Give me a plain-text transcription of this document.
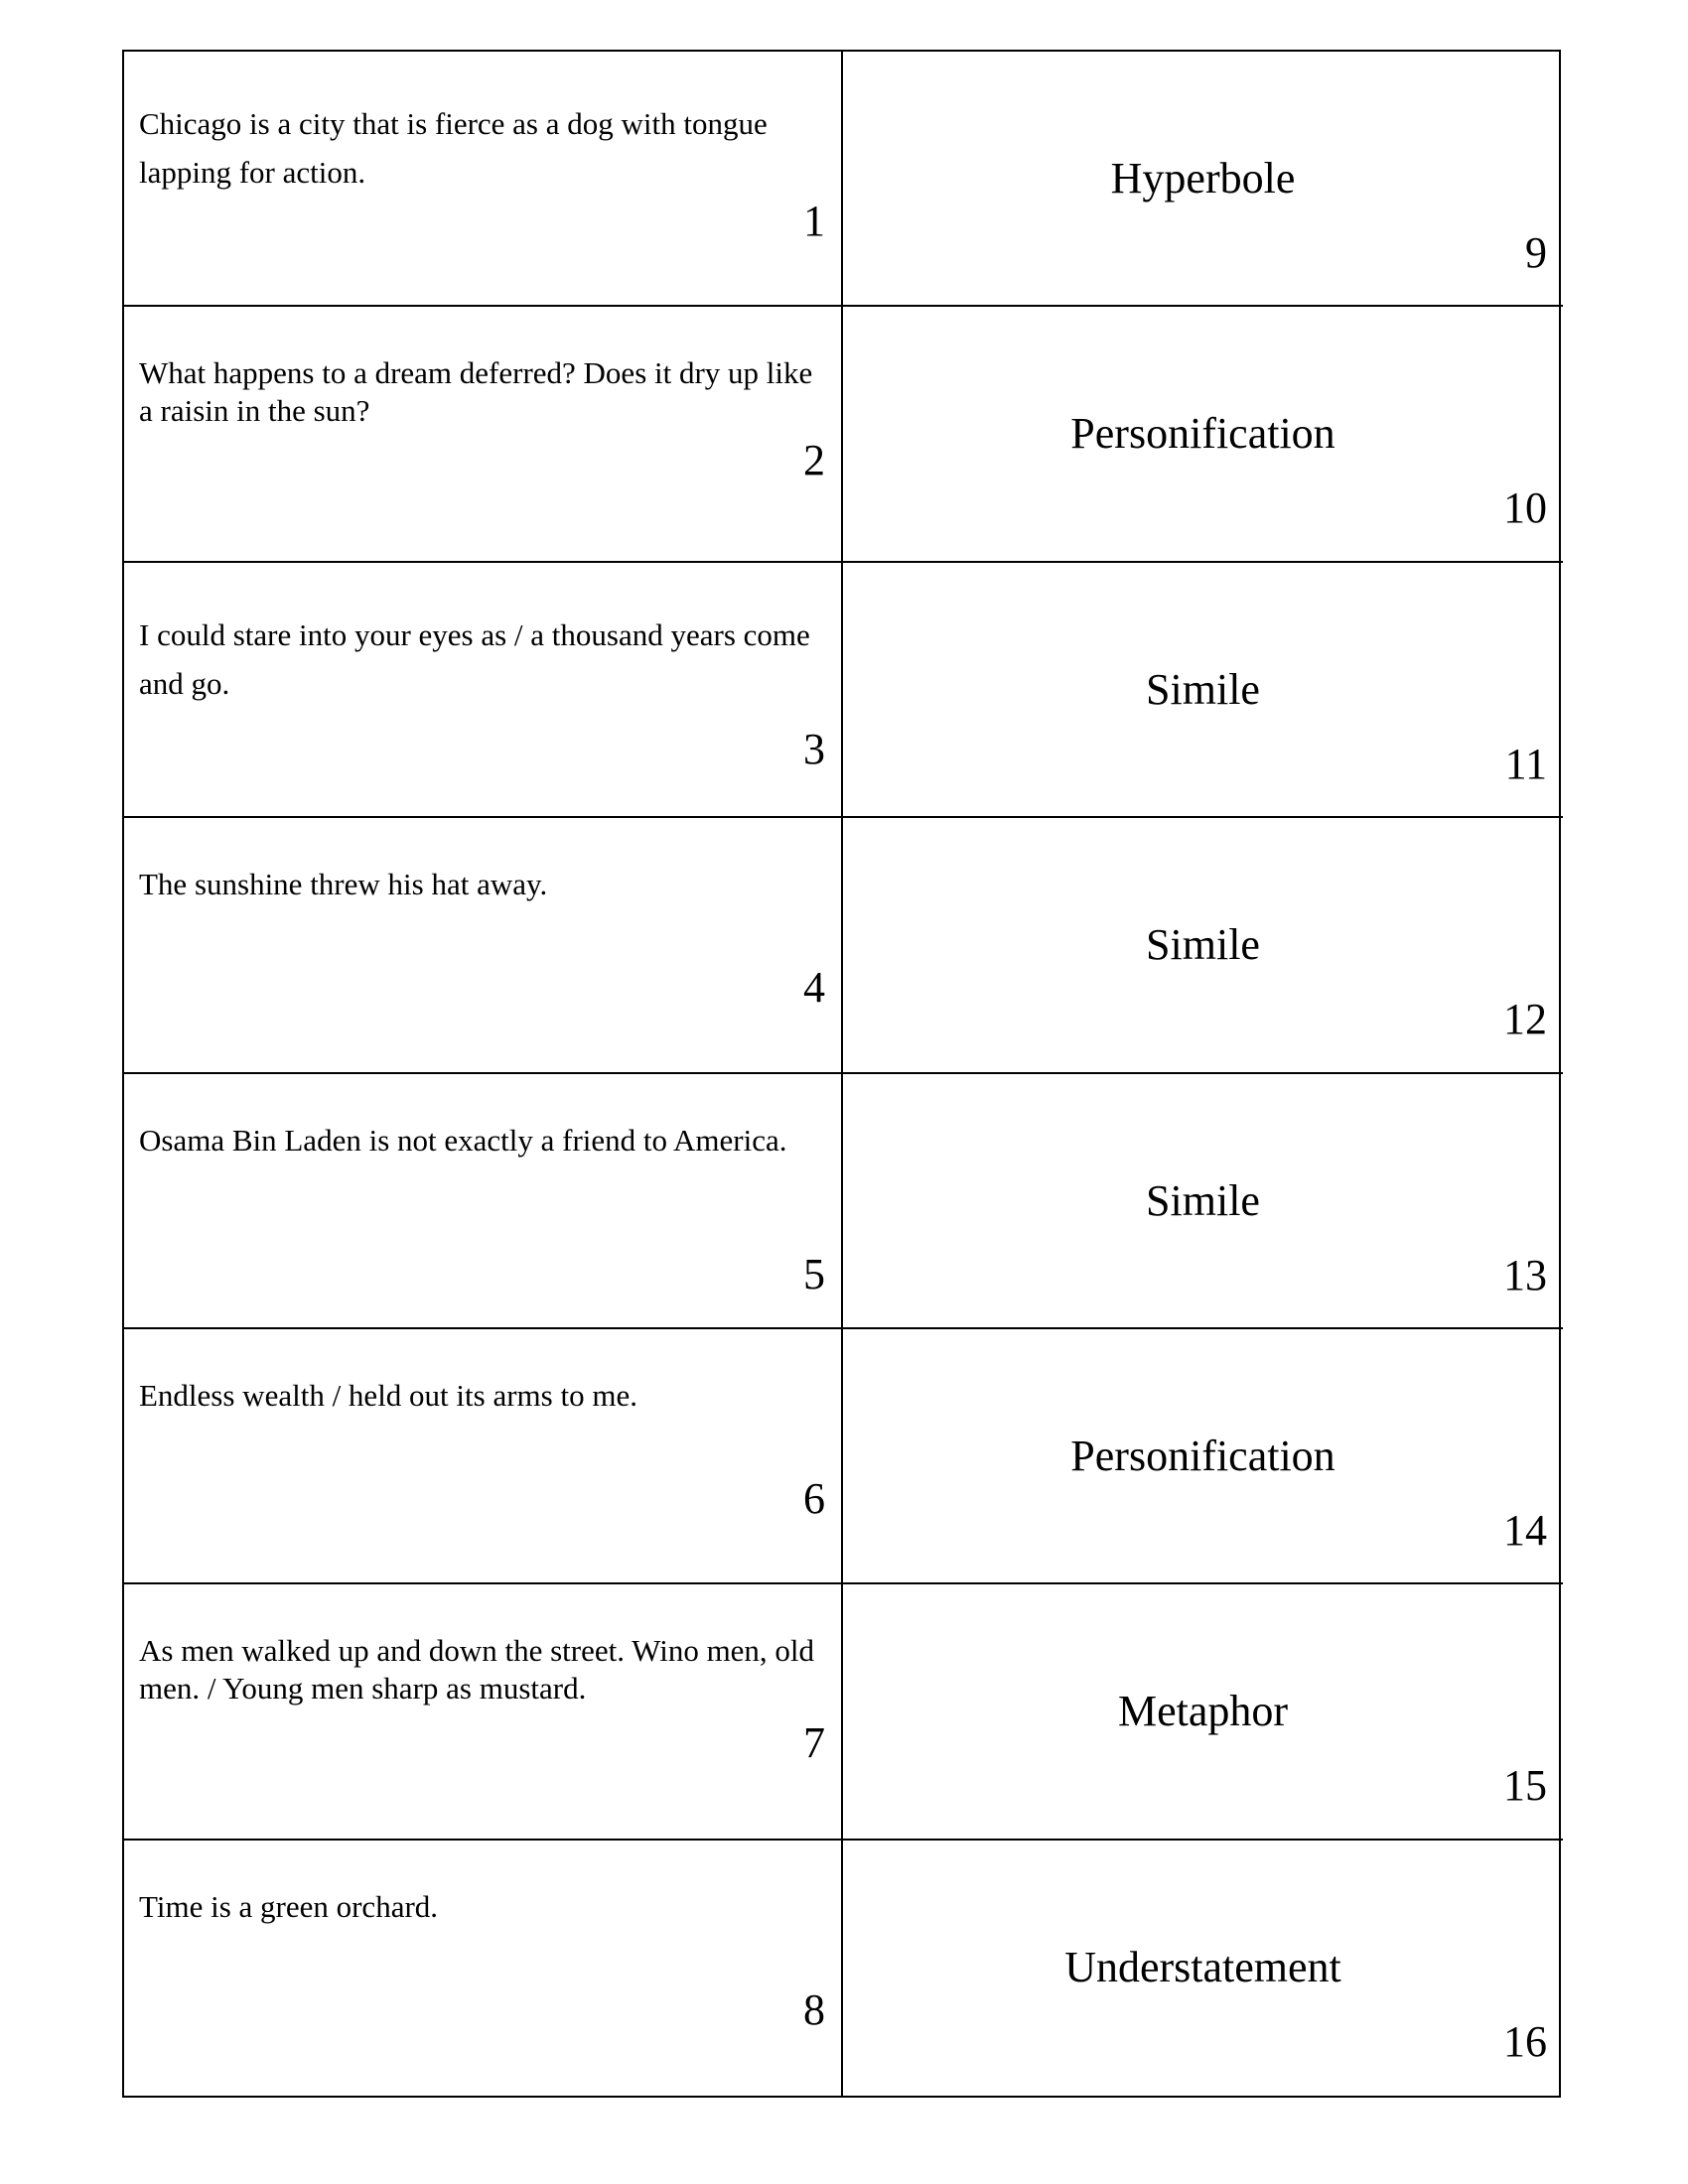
Chicago is a city that is fierce as a dog with tongue lapping for action.
1
Hyperbole
9
What happens to a dream deferred? Does it dry up like a raisin in the sun?
2
Personification
10
I could stare into your eyes as / a thousand years come and go.
3
Simile
11
The sunshine threw his hat away.
4
Simile
12
Osama Bin Laden is not exactly a friend to America.
5
Simile
13
Endless wealth / held out its arms to me.
6
Personification
14
As men walked up and down the street. Wino men, old men. / Young men sharp as mustard.
7
Metaphor
15
Time is a green orchard.
8
Understatement
16
